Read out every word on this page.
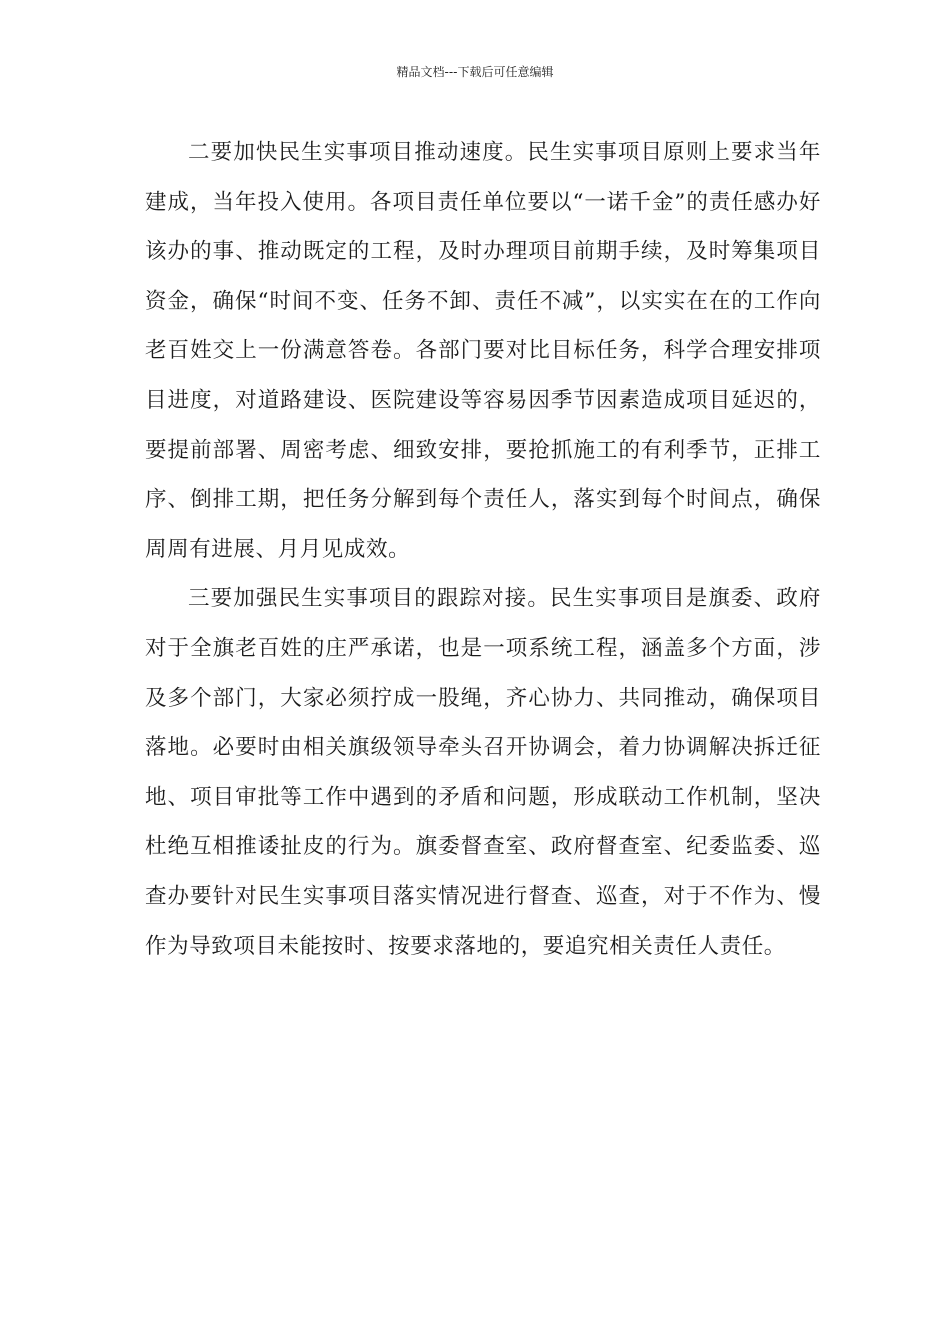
精品文档---下载后可任意编辑

二要加快民生实事项目推动速度。民生实事项目原则上要求当年建成，当年投入使用。各项目责任单位要以“一诺千金”的责任感办好该办的事、推动既定的工程，及时办理项目前期手续，及时筹集项目资金，确保“时间不变、任务不卸、责任不减”，以实实在在的工作向老百姓交上一份满意答卷。各部门要对比目标任务，科学合理安排项目进度，对道路建设、医院建设等容易因季节因素造成项目延迟的，要提前部署、周密考虑、细致安排，要抢抓施工的有利季节，正排工序、倒排工期，把任务分解到每个责任人，落实到每个时间点，确保周周有进展、月月见成效。

三要加强民生实事项目的跟踪对接。民生实事项目是旗委、政府对于全旗老百姓的庄严承诺，也是一项系统工程，涵盖多个方面，涉及多个部门，大家必须拧成一股绳，齐心协力、共同推动，确保项目落地。必要时由相关旗级领导牵头召开协调会，着力协调解决拆迁征地、项目审批等工作中遇到的矛盾和问题，形成联动工作机制，坚决杜绝互相推诿扯皮的行为。旗委督查室、政府督查室、纪委监委、巡查办要针对民生实事项目落实情况进行督查、巡查，对于不作为、慢作为导致项目未能按时、按要求落地的，要追究相关责任人责任。
